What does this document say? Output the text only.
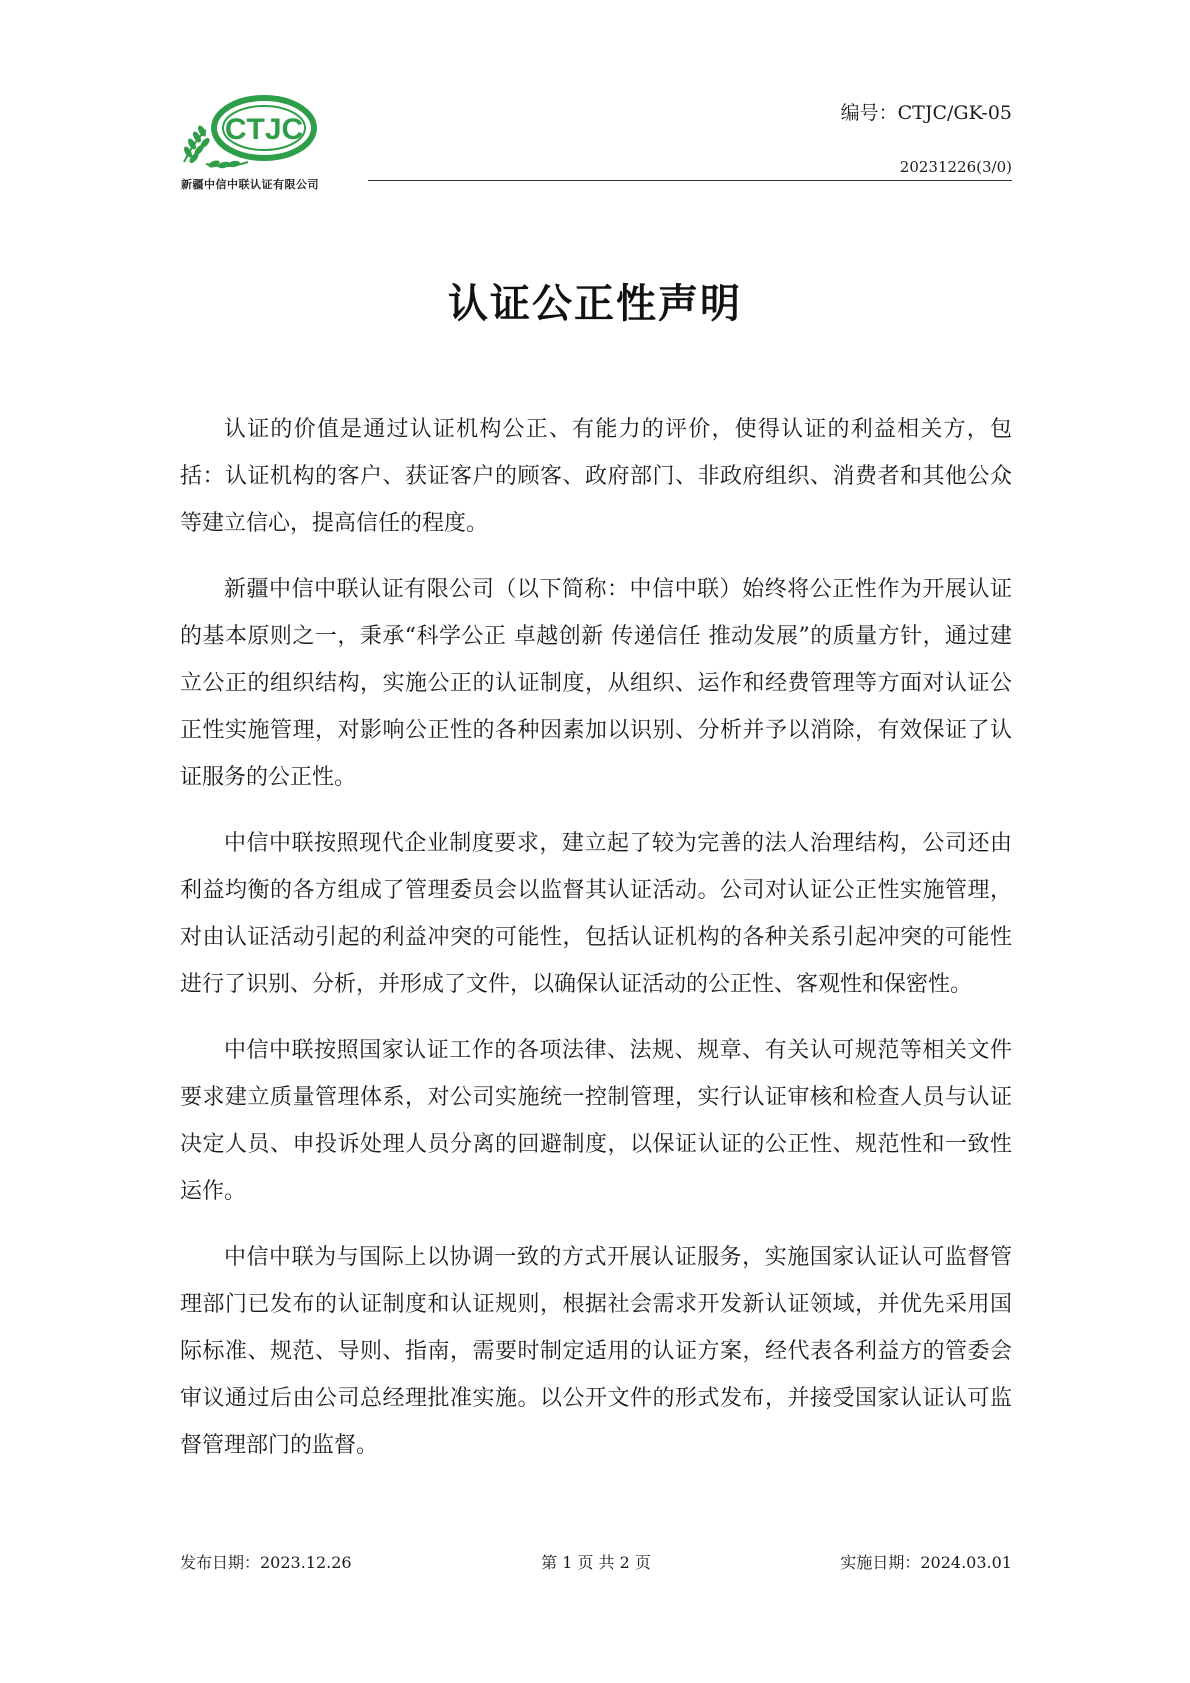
CTJC
新疆中信中联认证有限公司
编号：CTJC/GK-05
20231226(3/0)
认证公正性声明

认证的价值是通过认证机构公正、有能力的评价，使得认证的利益相关方，包括：认证机构的客户、获证客户的顾客、政府部门、非政府组织、消费者和其他公众等建立信心，提高信任的程度。

新疆中信中联认证有限公司（以下简称：中信中联）始终将公正性作为开展认证的基本原则之一，秉承“科学公正 卓越创新 传递信任 推动发展”的质量方针，通过建立公正的组织结构，实施公正的认证制度，从组织、运作和经费管理等方面对认证公正性实施管理，对影响公正性的各种因素加以识别、分析并予以消除，有效保证了认证服务的公正性。

中信中联按照现代企业制度要求，建立起了较为完善的法人治理结构，公司还由利益均衡的各方组成了管理委员会以监督其认证活动。公司对认证公正性实施管理，对由认证活动引起的利益冲突的可能性，包括认证机构的各种关系引起冲突的可能性进行了识别、分析，并形成了文件，以确保认证活动的公正性、客观性和保密性。

中信中联按照国家认证工作的各项法律、法规、规章、有关认可规范等相关文件要求建立质量管理体系，对公司实施统一控制管理，实行认证审核和检查人员与认证决定人员、申投诉处理人员分离的回避制度，以保证认证的公正性、规范性和一致性运作。

中信中联为与国际上以协调一致的方式开展认证服务，实施国家认证认可监督管理部门已发布的认证制度和认证规则，根据社会需求开发新认证领域，并优先采用国际标准、规范、导则、指南，需要时制定适用的认证方案，经代表各利益方的管委会审议通过后由公司总经理批准实施。以公开文件的形式发布，并接受国家认证认可监督管理部门的监督。

发布日期：2023.12.26	第 1 页 共 2 页	实施日期：2024.03.01
